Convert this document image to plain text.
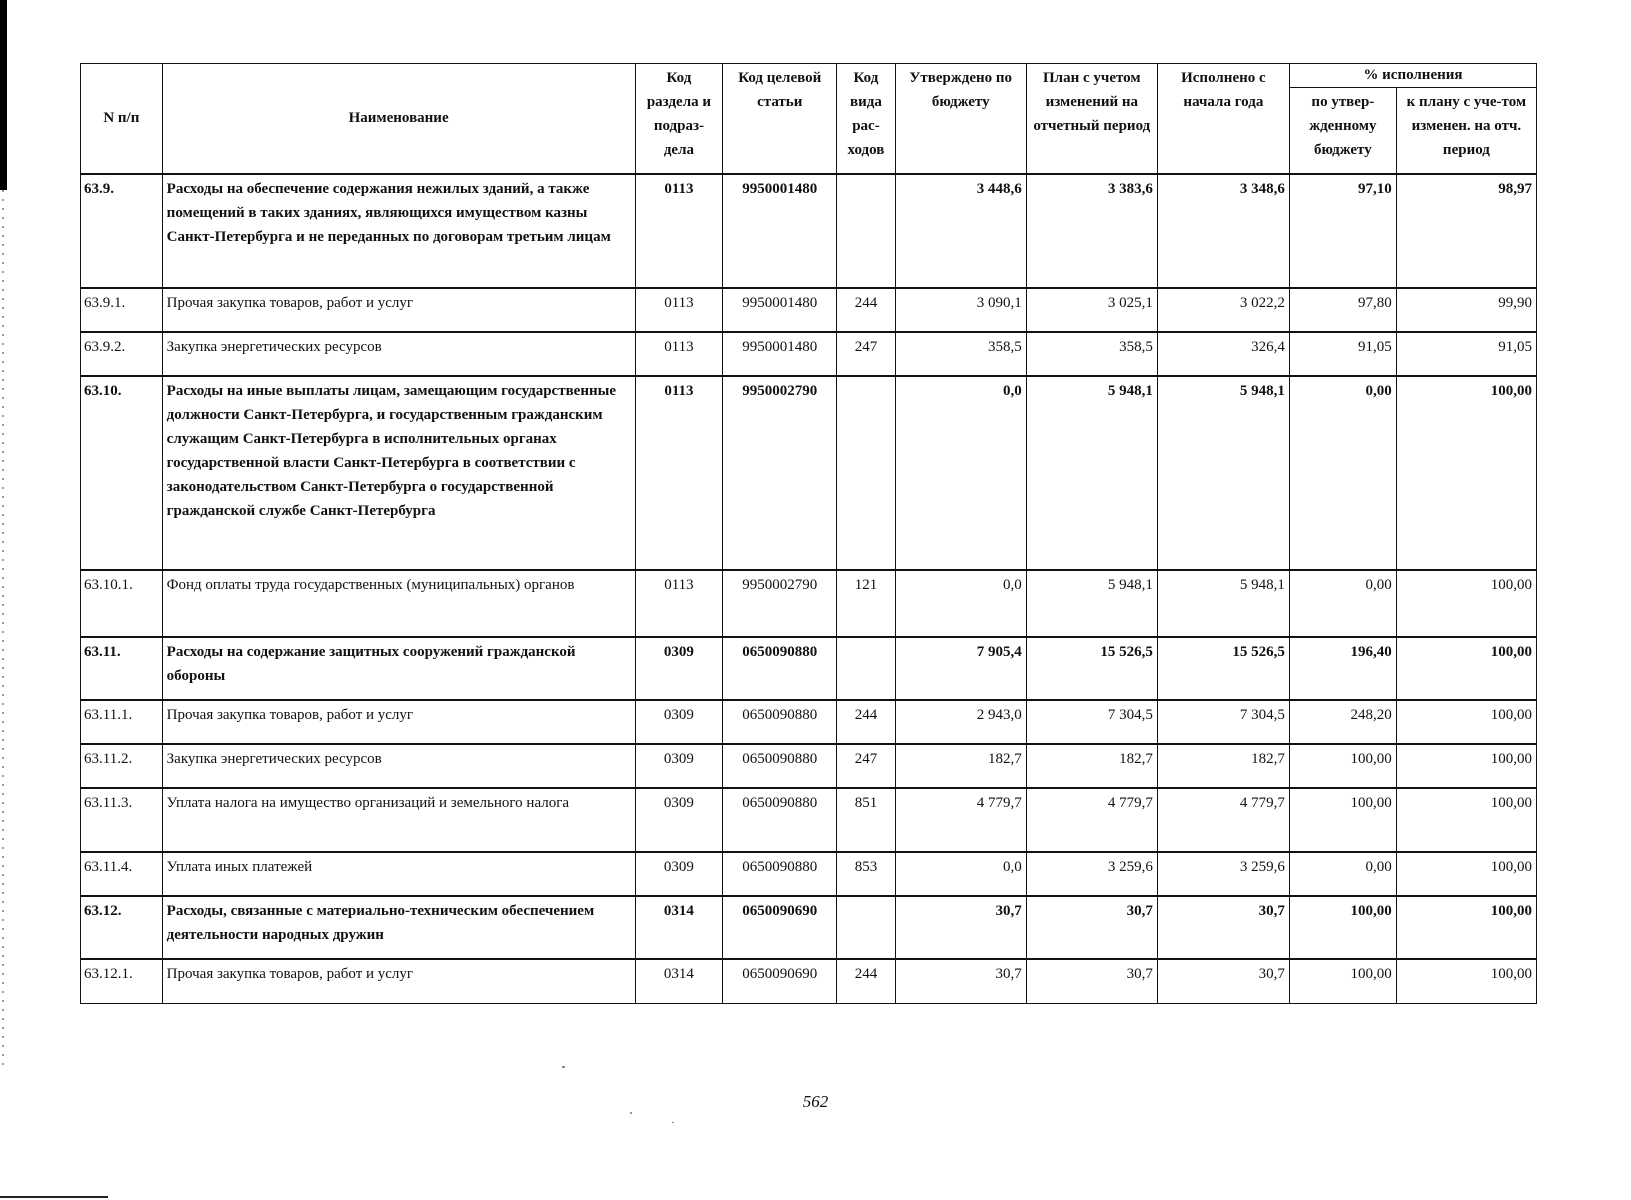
N п/п	Наименование	Код раздела и подраз-дела	Код целевой статьи	Код вида рас-ходов	Утверждено по бюджету	План с учетом изменений на отчетный период	Исполнено с начала года	% исполнения	
								по утвер-жденному бюджету	к плану с уче-том изменен. на отч. период
63.9.	Расходы на обеспечение содержания нежилых зданий, а также помещений в таких зданиях, являющихся имуществом казны Санкт-Петербурга и не переданных по договорам третьим лицам	0113	9950001480		3 448,6	3 383,6	3 348,6	97,10	98,97
63.9.1.	Прочая закупка товаров, работ и услуг	0113	9950001480	244	3 090,1	3 025,1	3 022,2	97,80	99,90
63.9.2.	Закупка энергетических ресурсов	0113	9950001480	247	358,5	358,5	326,4	91,05	91,05
63.10.	Расходы на иные выплаты лицам, замещающим государственные должности Санкт-Петербурга, и государственным гражданским служащим Санкт-Петербурга в исполнительных органах государственной власти Санкт-Петербурга в соответствии с законодательством Санкт-Петербурга о государственной гражданской службе Санкт-Петербурга	0113	9950002790		0,0	5 948,1	5 948,1	0,00	100,00
63.10.1.	Фонд оплаты труда государственных (муниципальных) органов	0113	9950002790	121	0,0	5 948,1	5 948,1	0,00	100,00
63.11.	Расходы на содержание защитных сооружений гражданской обороны	0309	0650090880		7 905,4	15 526,5	15 526,5	196,40	100,00
63.11.1.	Прочая закупка товаров, работ и услуг	0309	0650090880	244	2 943,0	7 304,5	7 304,5	248,20	100,00
63.11.2.	Закупка энергетических ресурсов	0309	0650090880	247	182,7	182,7	182,7	100,00	100,00
63.11.3.	Уплата налога на имущество организаций и земельного налога	0309	0650090880	851	4 779,7	4 779,7	4 779,7	100,00	100,00
63.11.4.	Уплата иных платежей	0309	0650090880	853	0,0	3 259,6	3 259,6	0,00	100,00
63.12.	Расходы, связанные с материально-техническим обеспечением деятельности народных дружин	0314	0650090690		30,7	30,7	30,7	100,00	100,00
63.12.1.	Прочая закупка товаров, работ и услуг	0314	0650090690	244	30,7	30,7	30,7	100,00	100,00
562
